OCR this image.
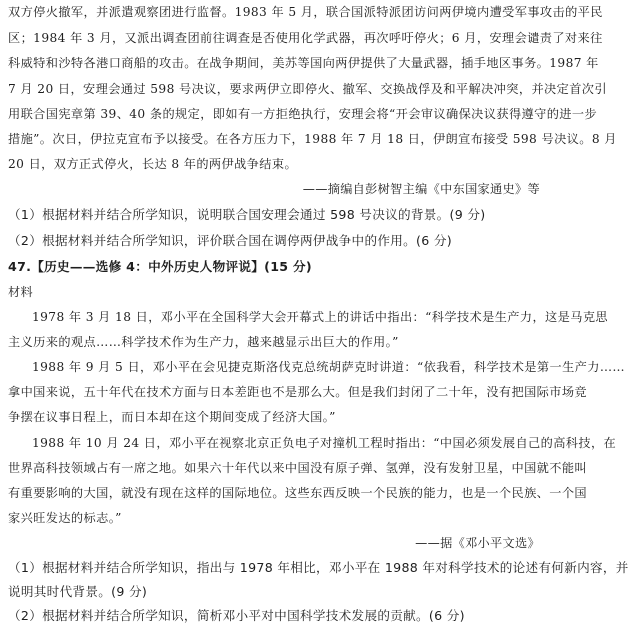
双方停火撤军，并派遣观察团进行监督。1983 年 5 月，联合国派特派团访问两伊境内遭受军事攻击的平民
区；1984 年 3 月，又派出调查团前往调查是否使用化学武器，再次呼吁停火；6 月，安理会谴责了对来往
科威特和沙特各港口商船的攻击。在战争期间，美苏等国向两伊提供了大量武器，插手地区事务。1987 年
7 月 20 日，安理会通过 598 号决议，要求两伊立即停火、撤军、交换战俘及和平解决冲突，并决定首次引
用联合国宪章第 39、40 条的规定，即如有一方拒绝执行，安理会将“开会审议确保决议获得遵守的进一步
措施”。次日，伊拉克宣布予以接受。在各方压力下，1988 年 7 月 18 日，伊朗宣布接受 598 号决议。8 月
20 日，双方正式停火，长达 8 年的两伊战争结束。
——摘编自彭树智主编《中东国家通史》等
（1）根据材料并结合所学知识，说明联合国安理会通过 598 号决议的背景。(9 分)
（2）根据材料并结合所学知识，评价联合国在调停两伊战争中的作用。(6 分)
47.【历史——选修 4：中外历史人物评说】(15 分)
材料
1978 年 3 月 18 日，邓小平在全国科学大会开幕式上的讲话中指出：“科学技术是生产力，这是马克思
主义历来的观点……科学技术作为生产力，越来越显示出巨大的作用。”
1988 年 9 月 5 日，邓小平在会见捷克斯洛伐克总统胡萨克时讲道：“依我看，科学技术是第一生产力……
拿中国来说，五十年代在技术方面与日本差距也不是那么大。但是我们封闭了二十年，没有把国际市场竞
争摆在议事日程上，而日本却在这个期间变成了经济大国。”
1988 年 10 月 24 日，邓小平在视察北京正负电子对撞机工程时指出：“中国必须发展自己的高科技，在
世界高科技领域占有一席之地。如果六十年代以来中国没有原子弹、氢弹，没有发射卫星，中国就不能叫
有重要影响的大国，就没有现在这样的国际地位。这些东西反映一个民族的能力，也是一个民族、一个国
家兴旺发达的标志。”
——据《邓小平文选》
（1）根据材料并结合所学知识，指出与 1978 年相比，邓小平在 1988 年对科学技术的论述有何新内容，并
说明其时代背景。(9 分)
（2）根据材料并结合所学知识，简析邓小平对中国科学技术发展的贡献。(6 分)
